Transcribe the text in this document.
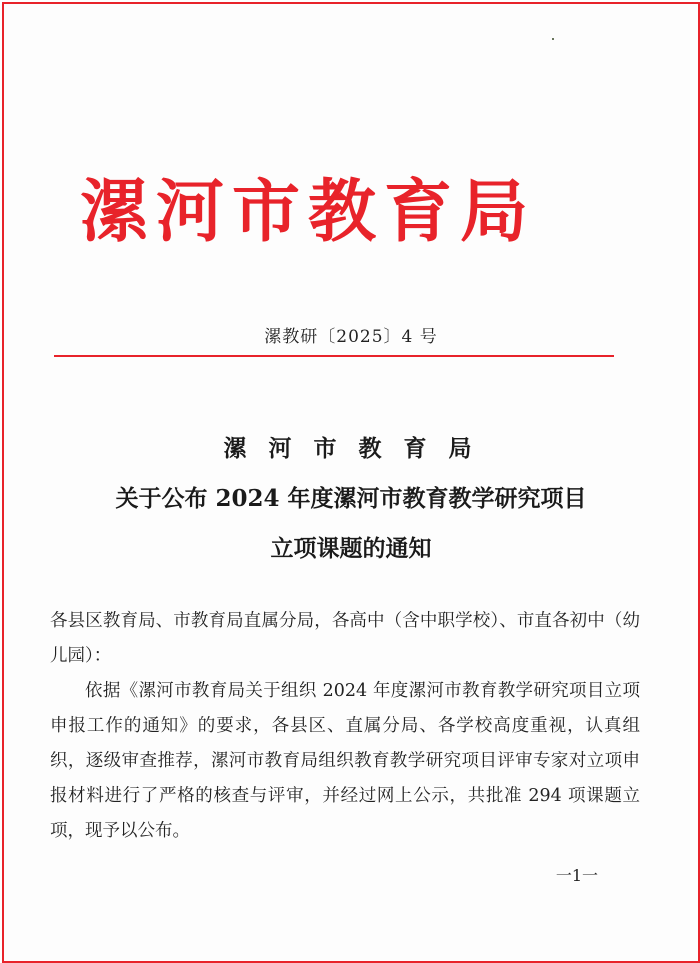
漯河市教育局
漯教研〔2025〕4 号
漯 河 市 教 育 局
关于公布 2024 年度漯河市教育教学研究项目
立项课题的通知

各县区教育局、市教育局直属分局，各高中（含中职学校）、市直各初中（幼儿园）：

依据《漯河市教育局关于组织 2024 年度漯河市教育教学研究项目立项申报工作的通知》的要求，各县区、直属分局、各学校高度重视，认真组织，逐级审查推荐，漯河市教育局组织教育教学研究项目评审专家对立项申报材料进行了严格的核查与评审，并经过网上公示，共批准 294 项课题立项，现予以公布。

一1一
